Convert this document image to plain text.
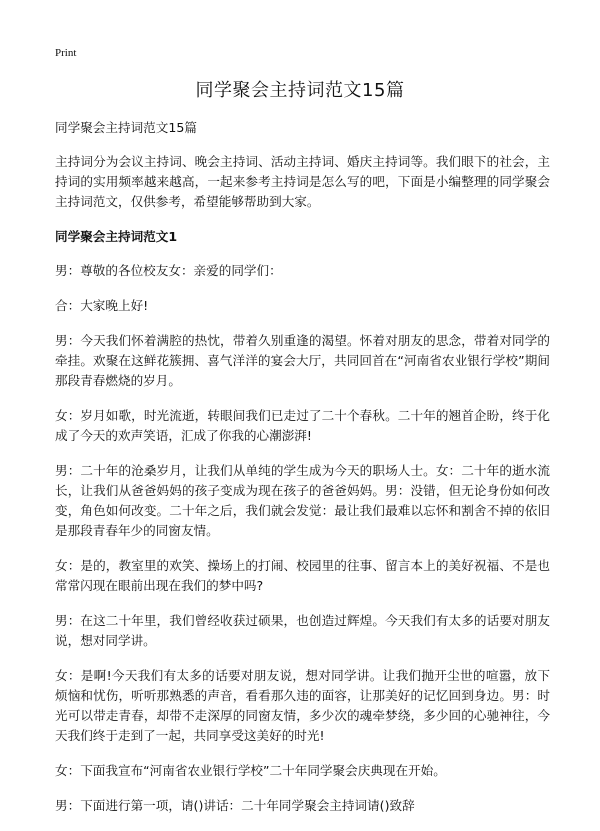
Print
同学聚会主持词范文15篇

同学聚会主持词范文15篇

主持词分为会议主持词、晚会主持词、活动主持词、婚庆主持词等。我们眼下的社会，主持词的实用频率越来越高，一起来参考主持词是怎么写的吧，下面是小编整理的同学聚会主持词范文，仅供参考，希望能够帮助到大家。

同学聚会主持词范文1

男：尊敬的各位校友女：亲爱的同学们：

合：大家晚上好!

男：今天我们怀着满腔的热忱，带着久别重逢的渴望。怀着对朋友的思念，带着对同学的牵挂。欢聚在这鲜花簇拥、喜气洋洋的宴会大厅，共同回首在“河南省农业银行学校”期间那段青春燃烧的岁月。

女：岁月如歌，时光流逝，转眼间我们已走过了二十个春秋。二十年的翘首企盼，终于化成了今天的欢声笑语，汇成了你我的心潮澎湃!

男：二十年的沧桑岁月，让我们从单纯的学生成为今天的职场人士。女：二十年的逝水流长，让我们从爸爸妈妈的孩子变成为现在孩子的爸爸妈妈。男：没错，但无论身份如何改变，角色如何改变。二十年之后，我们就会发觉：最让我们最难以忘怀和割舍不掉的依旧是那段青春年少的同窗友情。

女：是的，教室里的欢笑、操场上的打闹、校园里的往事、留言本上的美好祝福、不是也常常闪现在眼前出现在我们的梦中吗?

男：在这二十年里，我们曾经收获过硕果，也创造过辉煌。今天我们有太多的话要对朋友说，想对同学讲。

女：是啊!今天我们有太多的话要对朋友说，想对同学讲。让我们抛开尘世的喧嚣，放下烦恼和忧伤，听听那熟悉的声音，看看那久违的面容，让那美好的记忆回到身边。男：时光可以带走青春，却带不走深厚的同窗友情，多少次的魂牵梦绕，多少回的心驰神往，今天我们终于走到了一起，共同享受这美好的时光!

女：下面我宣布“河南省农业银行学校”二十年同学聚会庆典现在开始。

男：下面进行第一项，请()讲话：二十年同学聚会主持词请()致辞
